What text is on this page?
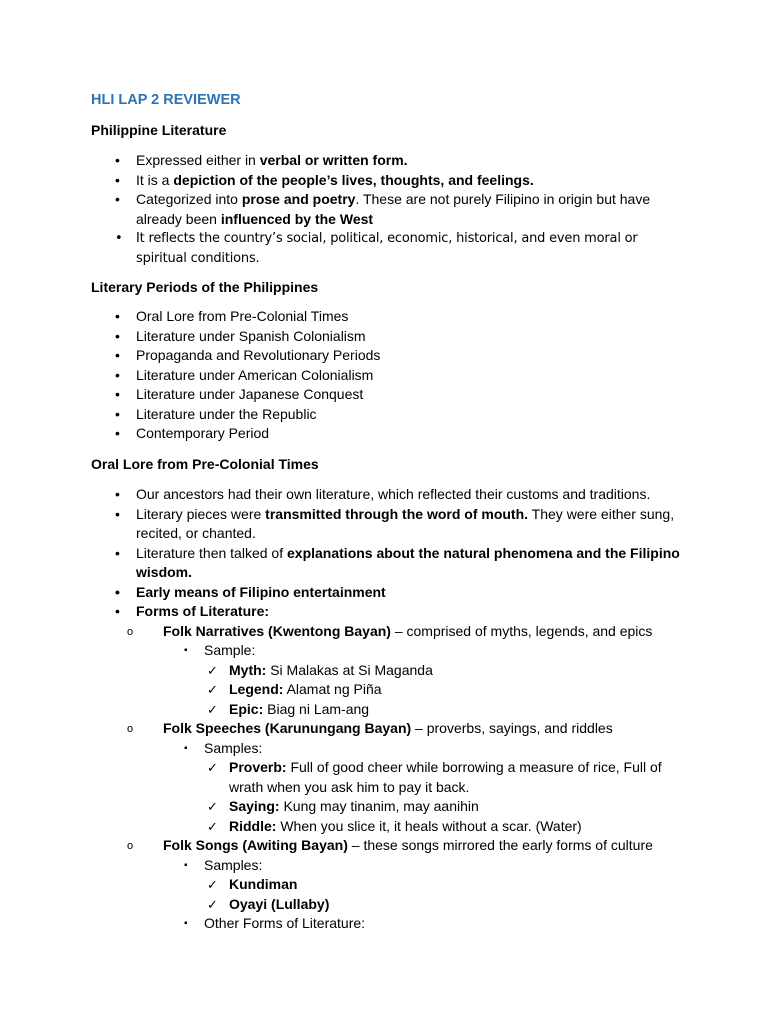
HLI LAP 2 REVIEWER
Philippine Literature
• Expressed either in verbal or written form.
• It is a depiction of the people’s lives, thoughts, and feelings.
• Categorized into prose and poetry. These are not purely Filipino in origin but have already been influenced by the West
• It reflects the country’s social, political, economic, historical, and even moral or spiritual conditions.
Literary Periods of the Philippines
• Oral Lore from Pre-Colonial Times
• Literature under Spanish Colonialism
• Propaganda and Revolutionary Periods
• Literature under American Colonialism
• Literature under Japanese Conquest
• Literature under the Republic
• Contemporary Period
Oral Lore from Pre-Colonial Times
• Our ancestors had their own literature, which reflected their customs and traditions.
• Literary pieces were transmitted through the word of mouth. They were either sung, recited, or chanted.
• Literature then talked of explanations about the natural phenomena and the Filipino wisdom.
• Early means of Filipino entertainment
• Forms of Literature:
o Folk Narratives (Kwentong Bayan) – comprised of myths, legends, and epics
▪ Sample:
✓ Myth: Si Malakas at Si Maganda
✓ Legend: Alamat ng Piña
✓ Epic: Biag ni Lam-ang
o Folk Speeches (Karunungang Bayan) – proverbs, sayings, and riddles
▪ Samples:
✓ Proverb: Full of good cheer while borrowing a measure of rice, Full of wrath when you ask him to pay it back.
✓ Saying: Kung may tinanim, may aanihin
✓ Riddle: When you slice it, it heals without a scar. (Water)
o Folk Songs (Awiting Bayan) – these songs mirrored the early forms of culture
▪ Samples:
✓ Kundiman
✓ Oyayi (Lullaby)
▪ Other Forms of Literature:
